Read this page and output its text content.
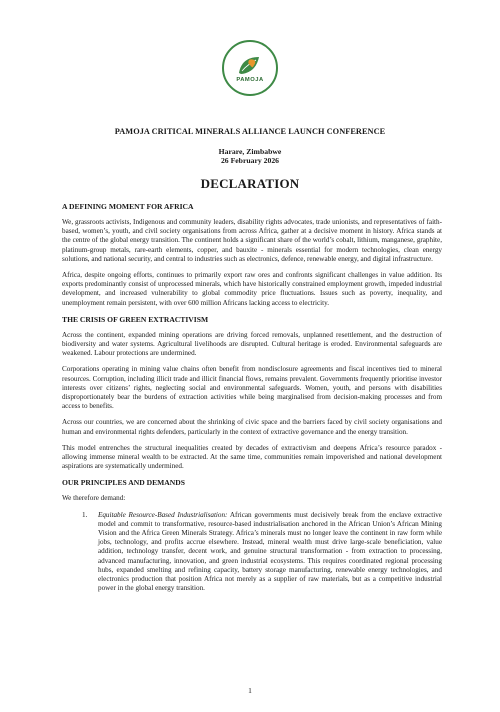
PAMOJA
PAMOJA CRITICAL MINERALS ALLIANCE LAUNCH CONFERENCE
Harare, Zimbabwe
26 February 2026
DECLARATION
A DEFINING MOMENT FOR AFRICA

We, grassroots activists, Indigenous and community leaders, disability rights advocates, trade unionists, and representatives of faith-based, women’s, youth, and civil society organisations from across Africa, gather at a decisive moment in history. Africa stands at the centre of the global energy transition. The continent holds a significant share of the world’s cobalt, lithium, manganese, graphite, platinum-group metals, rare-earth elements, copper, and bauxite - minerals essential for modern technologies, clean energy solutions, and national security, and central to industries such as electronics, defence, renewable energy, and digital infrastructure.

Africa, despite ongoing efforts, continues to primarily export raw ores and confronts significant challenges in value addition. Its exports predominantly consist of unprocessed minerals, which have historically constrained employment growth, impeded industrial development, and increased vulnerability to global commodity price fluctuations. Issues such as poverty, inequality, and unemployment remain persistent, with over 600 million Africans lacking access to electricity.

THE CRISIS OF GREEN EXTRACTIVISM

Across the continent, expanded mining operations are driving forced removals, unplanned resettlement, and the destruction of biodiversity and water systems. Agricultural livelihoods are disrupted. Cultural heritage is eroded. Environmental safeguards are weakened. Labour protections are undermined.

Corporations operating in mining value chains often benefit from nondisclosure agreements and fiscal incentives tied to mineral resources. Corruption, including illicit trade and illicit financial flows, remains prevalent. Governments frequently prioritise investor interests over citizens’ rights, neglecting social and environmental safeguards. Women, youth, and persons with disabilities disproportionately bear the burdens of extraction activities while being marginalised from decision-making processes and from access to benefits.

Across our countries, we are concerned about the shrinking of civic space and the barriers faced by civil society organisations and human and environmental rights defenders, particularly in the context of extractive governance and the energy transition.

This model entrenches the structural inequalities created by decades of extractivism and deepens Africa’s resource paradox - allowing immense mineral wealth to be extracted. At the same time, communities remain impoverished and national development aspirations are systematically undermined.

OUR PRINCIPLES AND DEMANDS

We therefore demand:

1.	Equitable Resource-Based Industrialisation: African governments must decisively break from the enclave extractive model and commit to transformative, resource-based industrialisation anchored in the African Union’s African Mining Vision and the Africa Green Minerals Strategy. Africa’s minerals must no longer leave the continent in raw form while jobs, technology, and profits accrue elsewhere. Instead, mineral wealth must drive large-scale beneficiation, value addition, technology transfer, decent work, and genuine structural transformation - from extraction to processing, advanced manufacturing, innovation, and green industrial ecosystems. This requires coordinated regional processing hubs, expanded smelting and refining capacity, battery storage manufacturing, renewable energy technologies, and electronics production that position Africa not merely as a supplier of raw materials, but as a competitive industrial power in the global energy transition.
1
